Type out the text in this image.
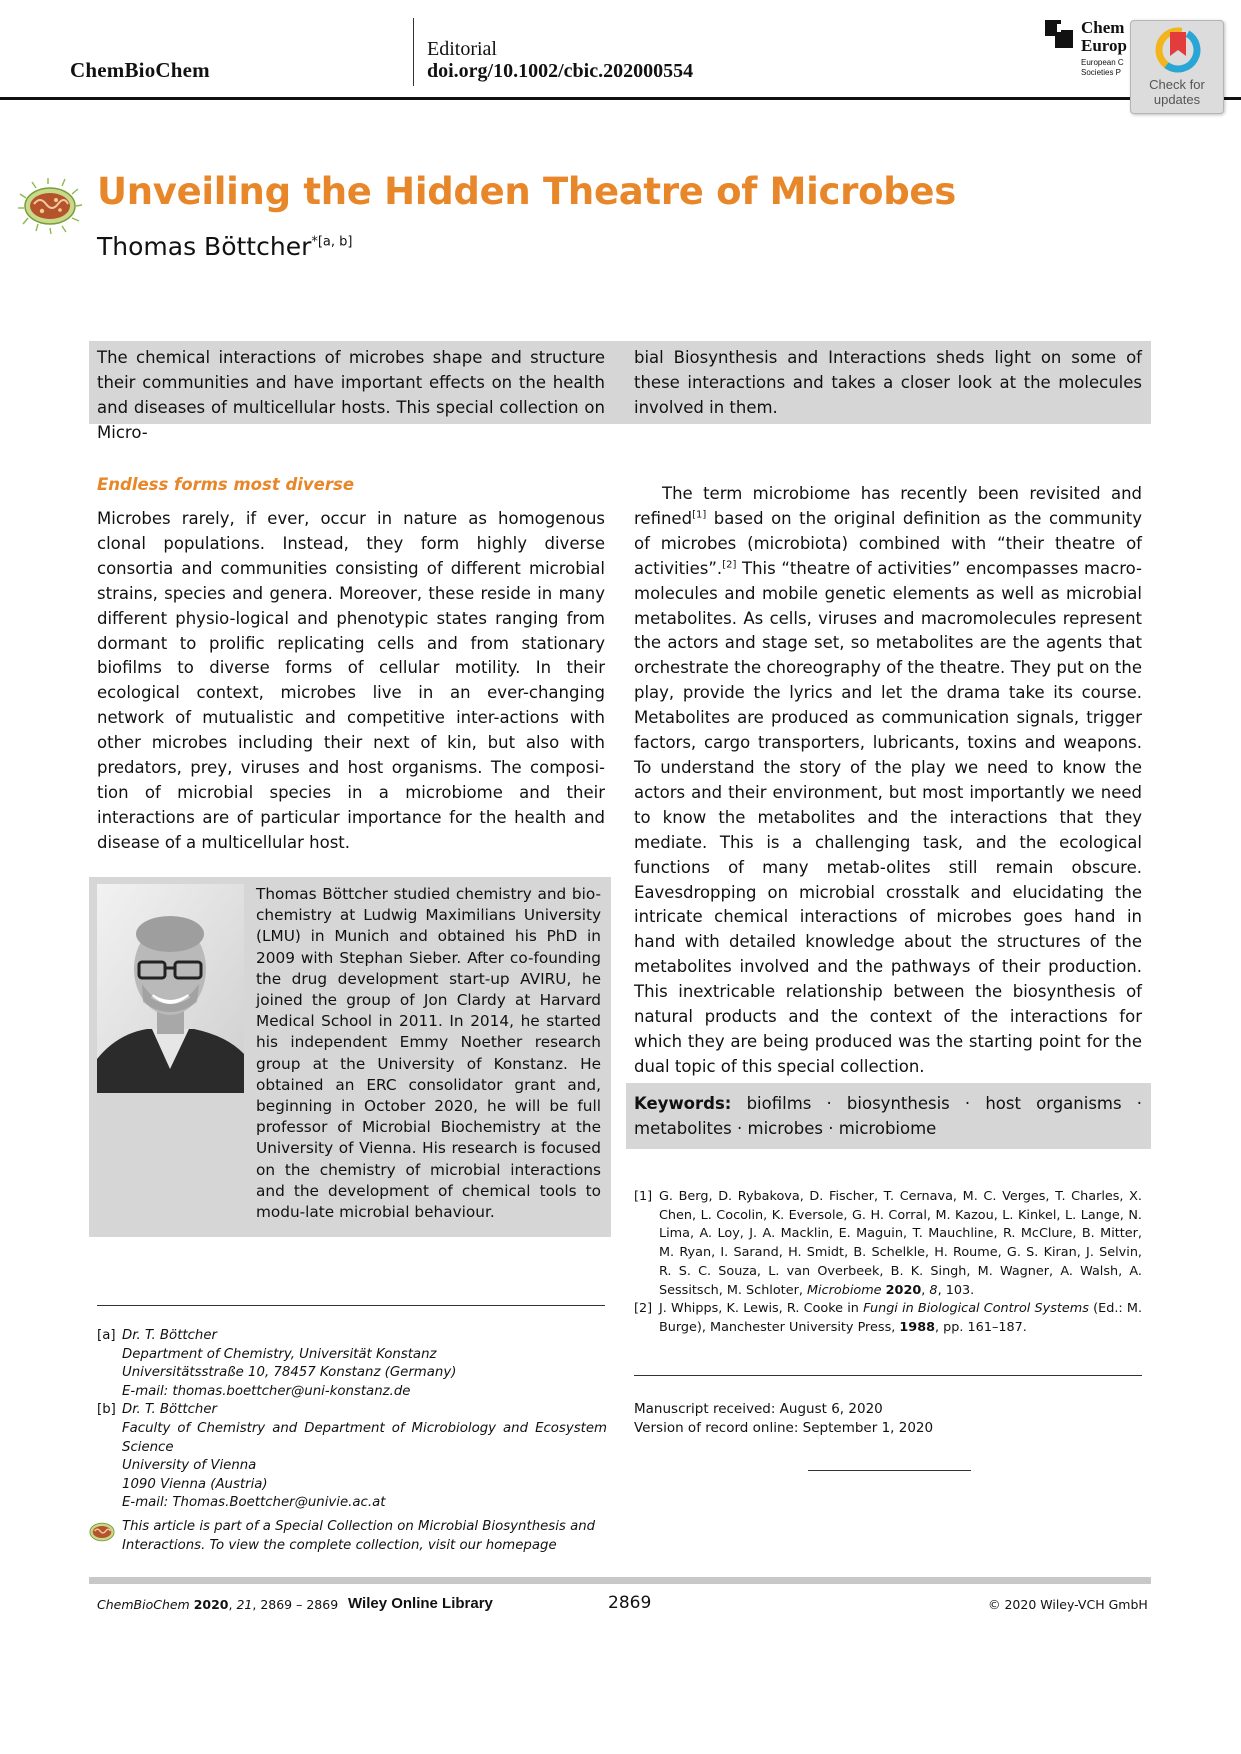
ChemBioChem
Editorial
doi.org/10.1002/cbic.202000554
Chem
Europ
European C
Societies P
Check for
updates
Unveiling the Hidden Theatre of Microbes
Thomas Böttcher$^{*[a, b]}$
The chemical interactions of microbes shape and structure their communities and have important effects on the health and diseases of multicellular hosts. This special collection on Micro-
bial Biosynthesis and Interactions sheds light on some of these interactions and takes a closer look at the molecules involved in them.
Endless forms most diverse
Microbes rarely, if ever, occur in nature as homogenous clonal populations. Instead, they form highly diverse consortia and communities consisting of different microbial strains, species and genera. Moreover, these reside in many different physio-logical and phenotypic states ranging from dormant to prolific replicating cells and from stationary biofilms to diverse forms of cellular motility. In their ecological context, microbes live in an ever-changing network of mutualistic and competitive inter-actions with other microbes including their next of kin, but also with predators, prey, viruses and host organisms. The composi-tion of microbial species in a microbiome and their interactions are of particular importance for the health and disease of a multicellular host.
The term microbiome has recently been revisited and refined[1] based on the original definition as the community of microbes (microbiota) combined with “their theatre of activities”.[2] This “theatre of activities” encompasses macro-molecules and mobile genetic elements as well as microbial metabolites. As cells, viruses and macromolecules represent the actors and stage set, so metabolites are the agents that orchestrate the choreography of the theatre. They put on the play, provide the lyrics and let the drama take its course. Metabolites are produced as communication signals, trigger factors, cargo transporters, lubricants, toxins and weapons. To understand the story of the play we need to know the actors and their environment, but most importantly we need to know the metabolites and the interactions that they mediate. This is a challenging task, and the ecological functions of many metab-olites still remain obscure. Eavesdropping on microbial crosstalk and elucidating the intricate chemical interactions of microbes goes hand in hand with detailed knowledge about the structures of the metabolites involved and the pathways of their production. This inextricable relationship between the biosynthesis of natural products and the context of the interactions for which they are being produced was the starting point for the dual topic of this special collection.
Thomas Böttcher studied chemistry and bio-chemistry at Ludwig Maximilians University (LMU) in Munich and obtained his PhD in 2009 with Stephan Sieber. After co-founding the drug development start-up AVIRU, he joined the group of Jon Clardy at Harvard Medical School in 2011. In 2014, he started his independent Emmy Noether research group at the University of Konstanz. He obtained an ERC consolidator grant and, beginning in October 2020, he will be full professor of Microbial Biochemistry at the University of Vienna. His research is focused on the chemistry of microbial interactions and the development of chemical tools to modu-late microbial behaviour.
Keywords: biofilms · biosynthesis · host organisms ·
metabolites · microbes · microbiome
[1] G. Berg, D. Rybakova, D. Fischer, T. Cernava, M. C. Verges, T. Charles, X. Chen, L. Cocolin, K. Eversole, G. H. Corral, M. Kazou, L. Kinkel, L. Lange, N. Lima, A. Loy, J. A. Macklin, E. Maguin, T. Mauchline, R. McClure, B. Mitter, M. Ryan, I. Sarand, H. Smidt, B. Schelkle, H. Roume, G. S. Kiran, J. Selvin, R. S. C. Souza, L. van Overbeek, B. K. Singh, M. Wagner, A. Walsh, A. Sessitsch, M. Schloter, Microbiome 2020, 8, 103.
[2] J. Whipps, K. Lewis, R. Cooke in Fungi in Biological Control Systems (Ed.: M. Burge), Manchester University Press, 1988, pp. 161–187.
Manuscript received: August 6, 2020
Version of record online: September 1, 2020
[a] Dr. T. Böttcher
Department of Chemistry, Universität Konstanz
Universitätsstraße 10, 78457 Konstanz (Germany)
E-mail: thomas.boettcher@uni-konstanz.de
[b] Dr. T. Böttcher
Faculty of Chemistry and Department of Microbiology and Ecosystem Science
University of Vienna
1090 Vienna (Austria)
E-mail: Thomas.Boettcher@univie.ac.at
This article is part of a Special Collection on Microbial Biosynthesis and Interactions. To view the complete collection, visit our homepage
ChemBioChem 2020, 21, 2869 – 2869 Wiley Online Library	2869	© 2020 Wiley-VCH GmbH
